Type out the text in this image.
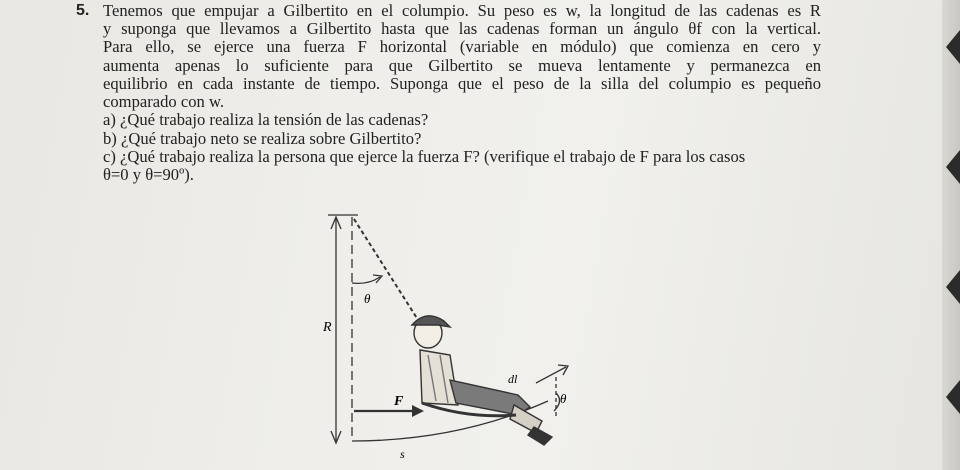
5. Tenemos que empujar a Gilbertito en el columpio. Su peso es w, la longitud de las cadenas es R
y suponga que llevamos a Gilbertito hasta que las cadenas forman un ángulo θf con la vertical.
Para ello, se ejerce una fuerza F horizontal (variable en módulo) que comienza en cero y
aumenta apenas lo suficiente para que Gilbertito se mueva lentamente y permanezca en
equilibrio en cada instante de tiempo. Suponga que el peso de la silla del columpio es pequeño
comparado con w.
a) ¿Qué trabajo realiza la tensión de las cadenas?
b) ¿Qué trabajo neto se realiza sobre Gilbertito?
c) ¿Qué trabajo realiza la persona que ejerce la fuerza F? (verifique el trabajo de F para los casos
θ=0 y θ=90º).
R
θ
F
dl
θ
s
